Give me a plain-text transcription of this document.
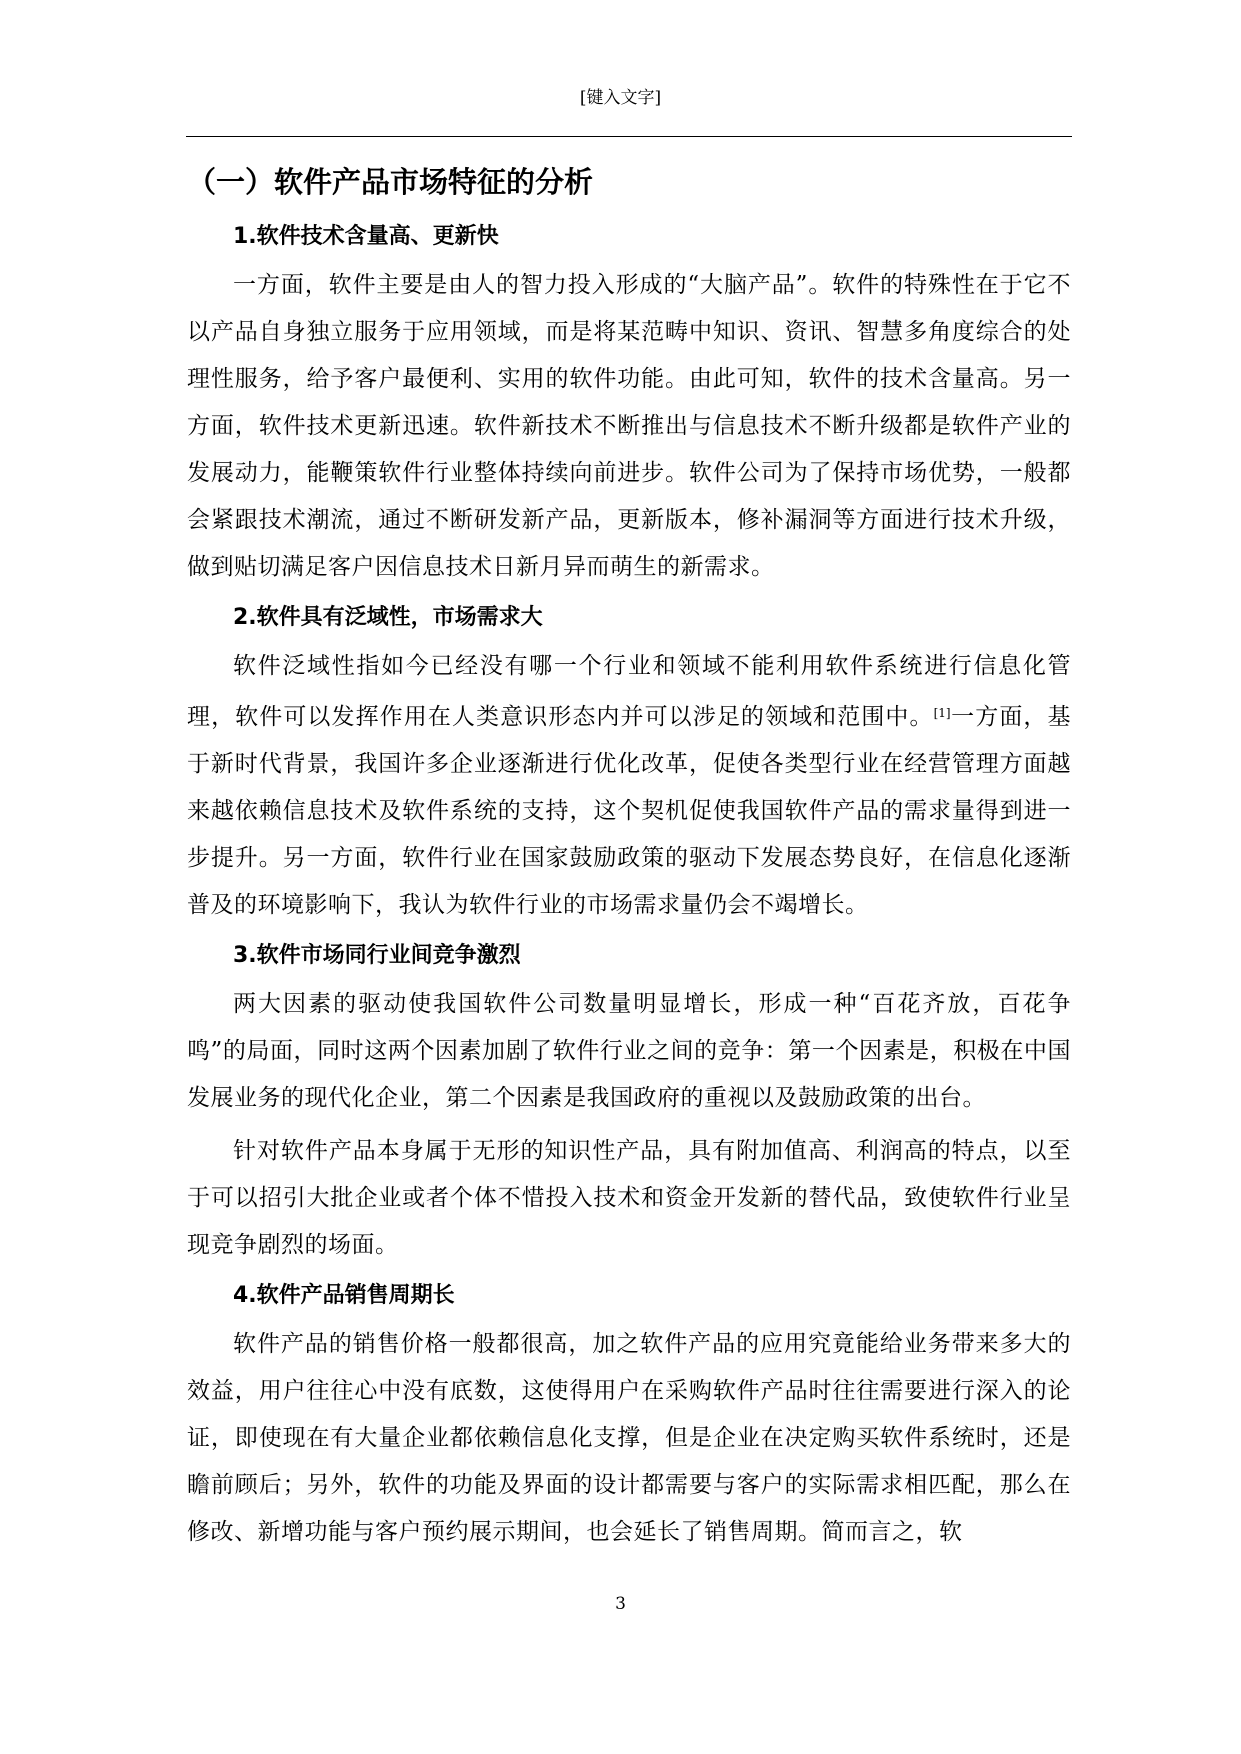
[键入文字]
（一）软件产品市场特征的分析
1.软件技术含量高、更新快

一方面，软件主要是由人的智力投入形成的“大脑产品”。软件的特殊性在于它不以产品自身独立服务于应用领域，而是将某范畴中知识、资讯、智慧多角度综合的处理性服务，给予客户最便利、实用的软件功能。由此可知，软件的技术含量高。另一方面，软件技术更新迅速。软件新技术不断推出与信息技术不断升级都是软件产业的发展动力，能鞭策软件行业整体持续向前进步。软件公司为了保持市场优势，一般都会紧跟技术潮流，通过不断研发新产品，更新版本，修补漏洞等方面进行技术升级，做到贴切满足客户因信息技术日新月异而萌生的新需求。

2.软件具有泛域性，市场需求大

软件泛域性指如今已经没有哪一个行业和领域不能利用软件系统进行信息化管理，软件可以发挥作用在人类意识形态内并可以涉足的领域和范围中。[1]一方面，基于新时代背景，我国许多企业逐渐进行优化改革，促使各类型行业在经营管理方面越来越依赖信息技术及软件系统的支持，这个契机促使我国软件产品的需求量得到进一步提升。另一方面，软件行业在国家鼓励政策的驱动下发展态势良好，在信息化逐渐普及的环境影响下，我认为软件行业的市场需求量仍会不竭增长。

3.软件市场同行业间竞争激烈

两大因素的驱动使我国软件公司数量明显增长，形成一种“百花齐放，百花争鸣”的局面，同时这两个因素加剧了软件行业之间的竞争：第一个因素是，积极在中国发展业务的现代化企业，第二个因素是我国政府的重视以及鼓励政策的出台。

针对软件产品本身属于无形的知识性产品，具有附加值高、利润高的特点，以至于可以招引大批企业或者个体不惜投入技术和资金开发新的替代品，致使软件行业呈现竞争剧烈的场面。

4.软件产品销售周期长

软件产品的销售价格一般都很高，加之软件产品的应用究竟能给业务带来多大的效益，用户往往心中没有底数，这使得用户在采购软件产品时往往需要进行深入的论证，即使现在有大量企业都依赖信息化支撑，但是企业在决定购买软件系统时，还是瞻前顾后；另外，软件的功能及界面的设计都需要与客户的实际需求相匹配，那么在修改、新增功能与客户预约展示期间，也会延长了销售周期。简而言之，软

3
